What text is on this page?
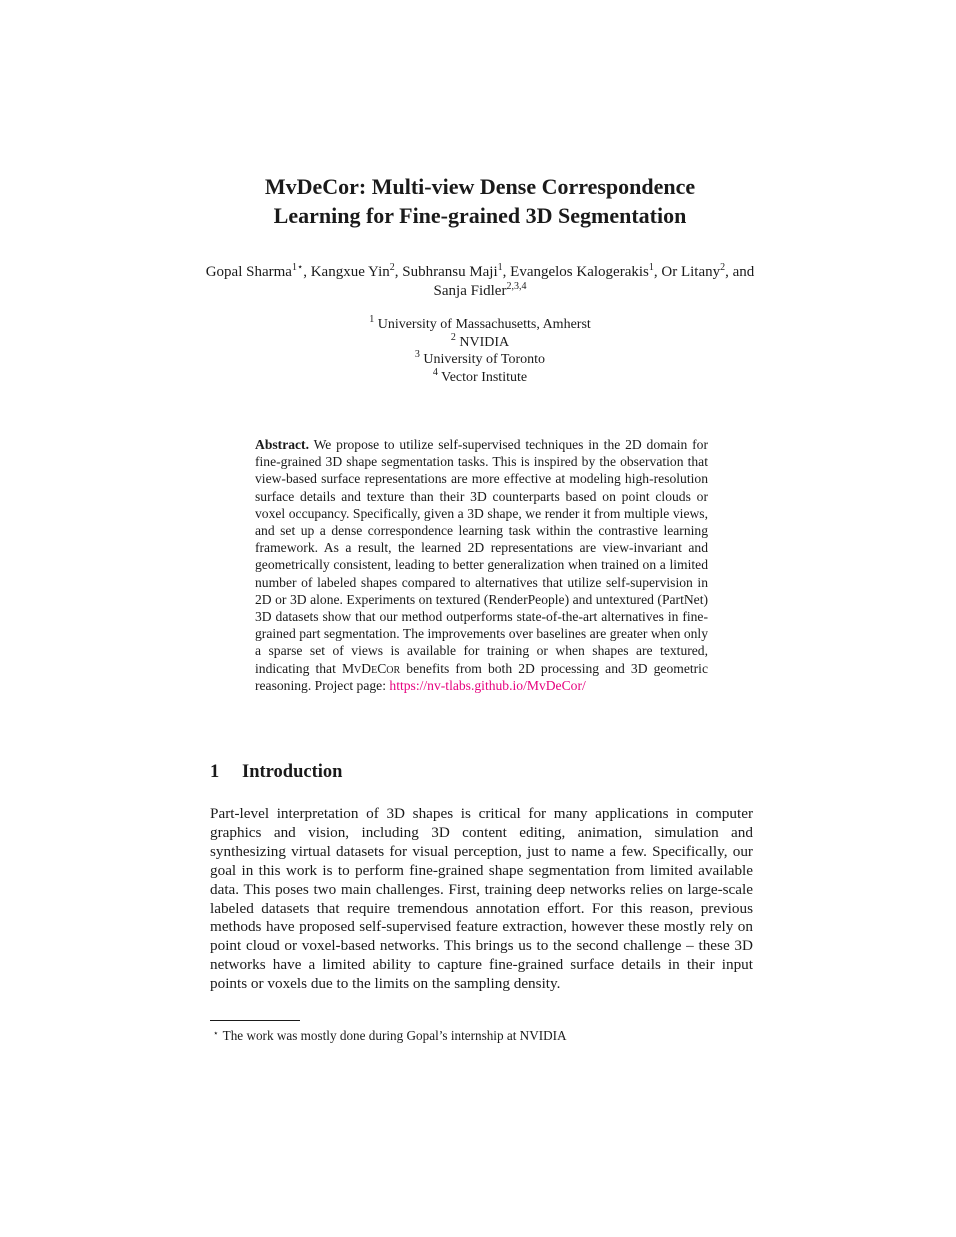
MvDeCor: Multi-view Dense Correspondence
Learning for Fine-grained 3D Segmentation
Gopal Sharma$^{1⋆}$, Kangxue Yin$^2$, Subhransu Maji$^1$, Evangelos Kalogerakis$^1$, Or Litany$^2$, and Sanja Fidler$^{2,3,4}$
$^1$ University of Massachusetts, Amherst
$^2$ NVIDIA
$^3$ University of Toronto
$^4$ Vector Institute

Abstract. We propose to utilize self-supervised techniques in the 2D domain for fine-grained 3D shape segmentation tasks. This is inspired by the observation that view-based surface representations are more effective at modeling high-resolution surface details and texture than their 3D counterparts based on point clouds or voxel occupancy. Specifically, given a 3D shape, we render it from multiple views, and set up a dense correspondence learning task within the contrastive learning framework. As a result, the learned 2D representations are view-invariant and geometrically consistent, leading to better generalization when trained on a limited number of labeled shapes compared to alternatives that utilize self-supervision in 2D or 3D alone. Experiments on textured (RenderPeople) and untextured (PartNet) 3D datasets show that our method outperforms state-of-the-art alternatives in fine-grained part segmentation. The improvements over baselines are greater when only a sparse set of views is available for training or when shapes are textured, indicating that MvDeCor benefits from both 2D processing and 3D geometric reasoning. Project page: https://nv-tlabs.github.io/MvDeCor/

1 Introduction

Part-level interpretation of 3D shapes is critical for many applications in computer graphics and vision, including 3D content editing, animation, simulation and synthesizing virtual datasets for visual perception, just to name a few. Specifically, our goal in this work is to perform fine-grained shape segmentation from limited available data. This poses two main challenges. First, training deep networks relies on large-scale labeled datasets that require tremendous annotation effort. For this reason, previous methods have proposed self-supervised feature extraction, however these mostly rely on point cloud or voxel-based networks. This brings us to the second challenge – these 3D networks have a limited ability to capture fine-grained surface details in their input points or voxels due to the limits on the sampling density.

⋆ The work was mostly done during Gopal’s internship at NVIDIA
